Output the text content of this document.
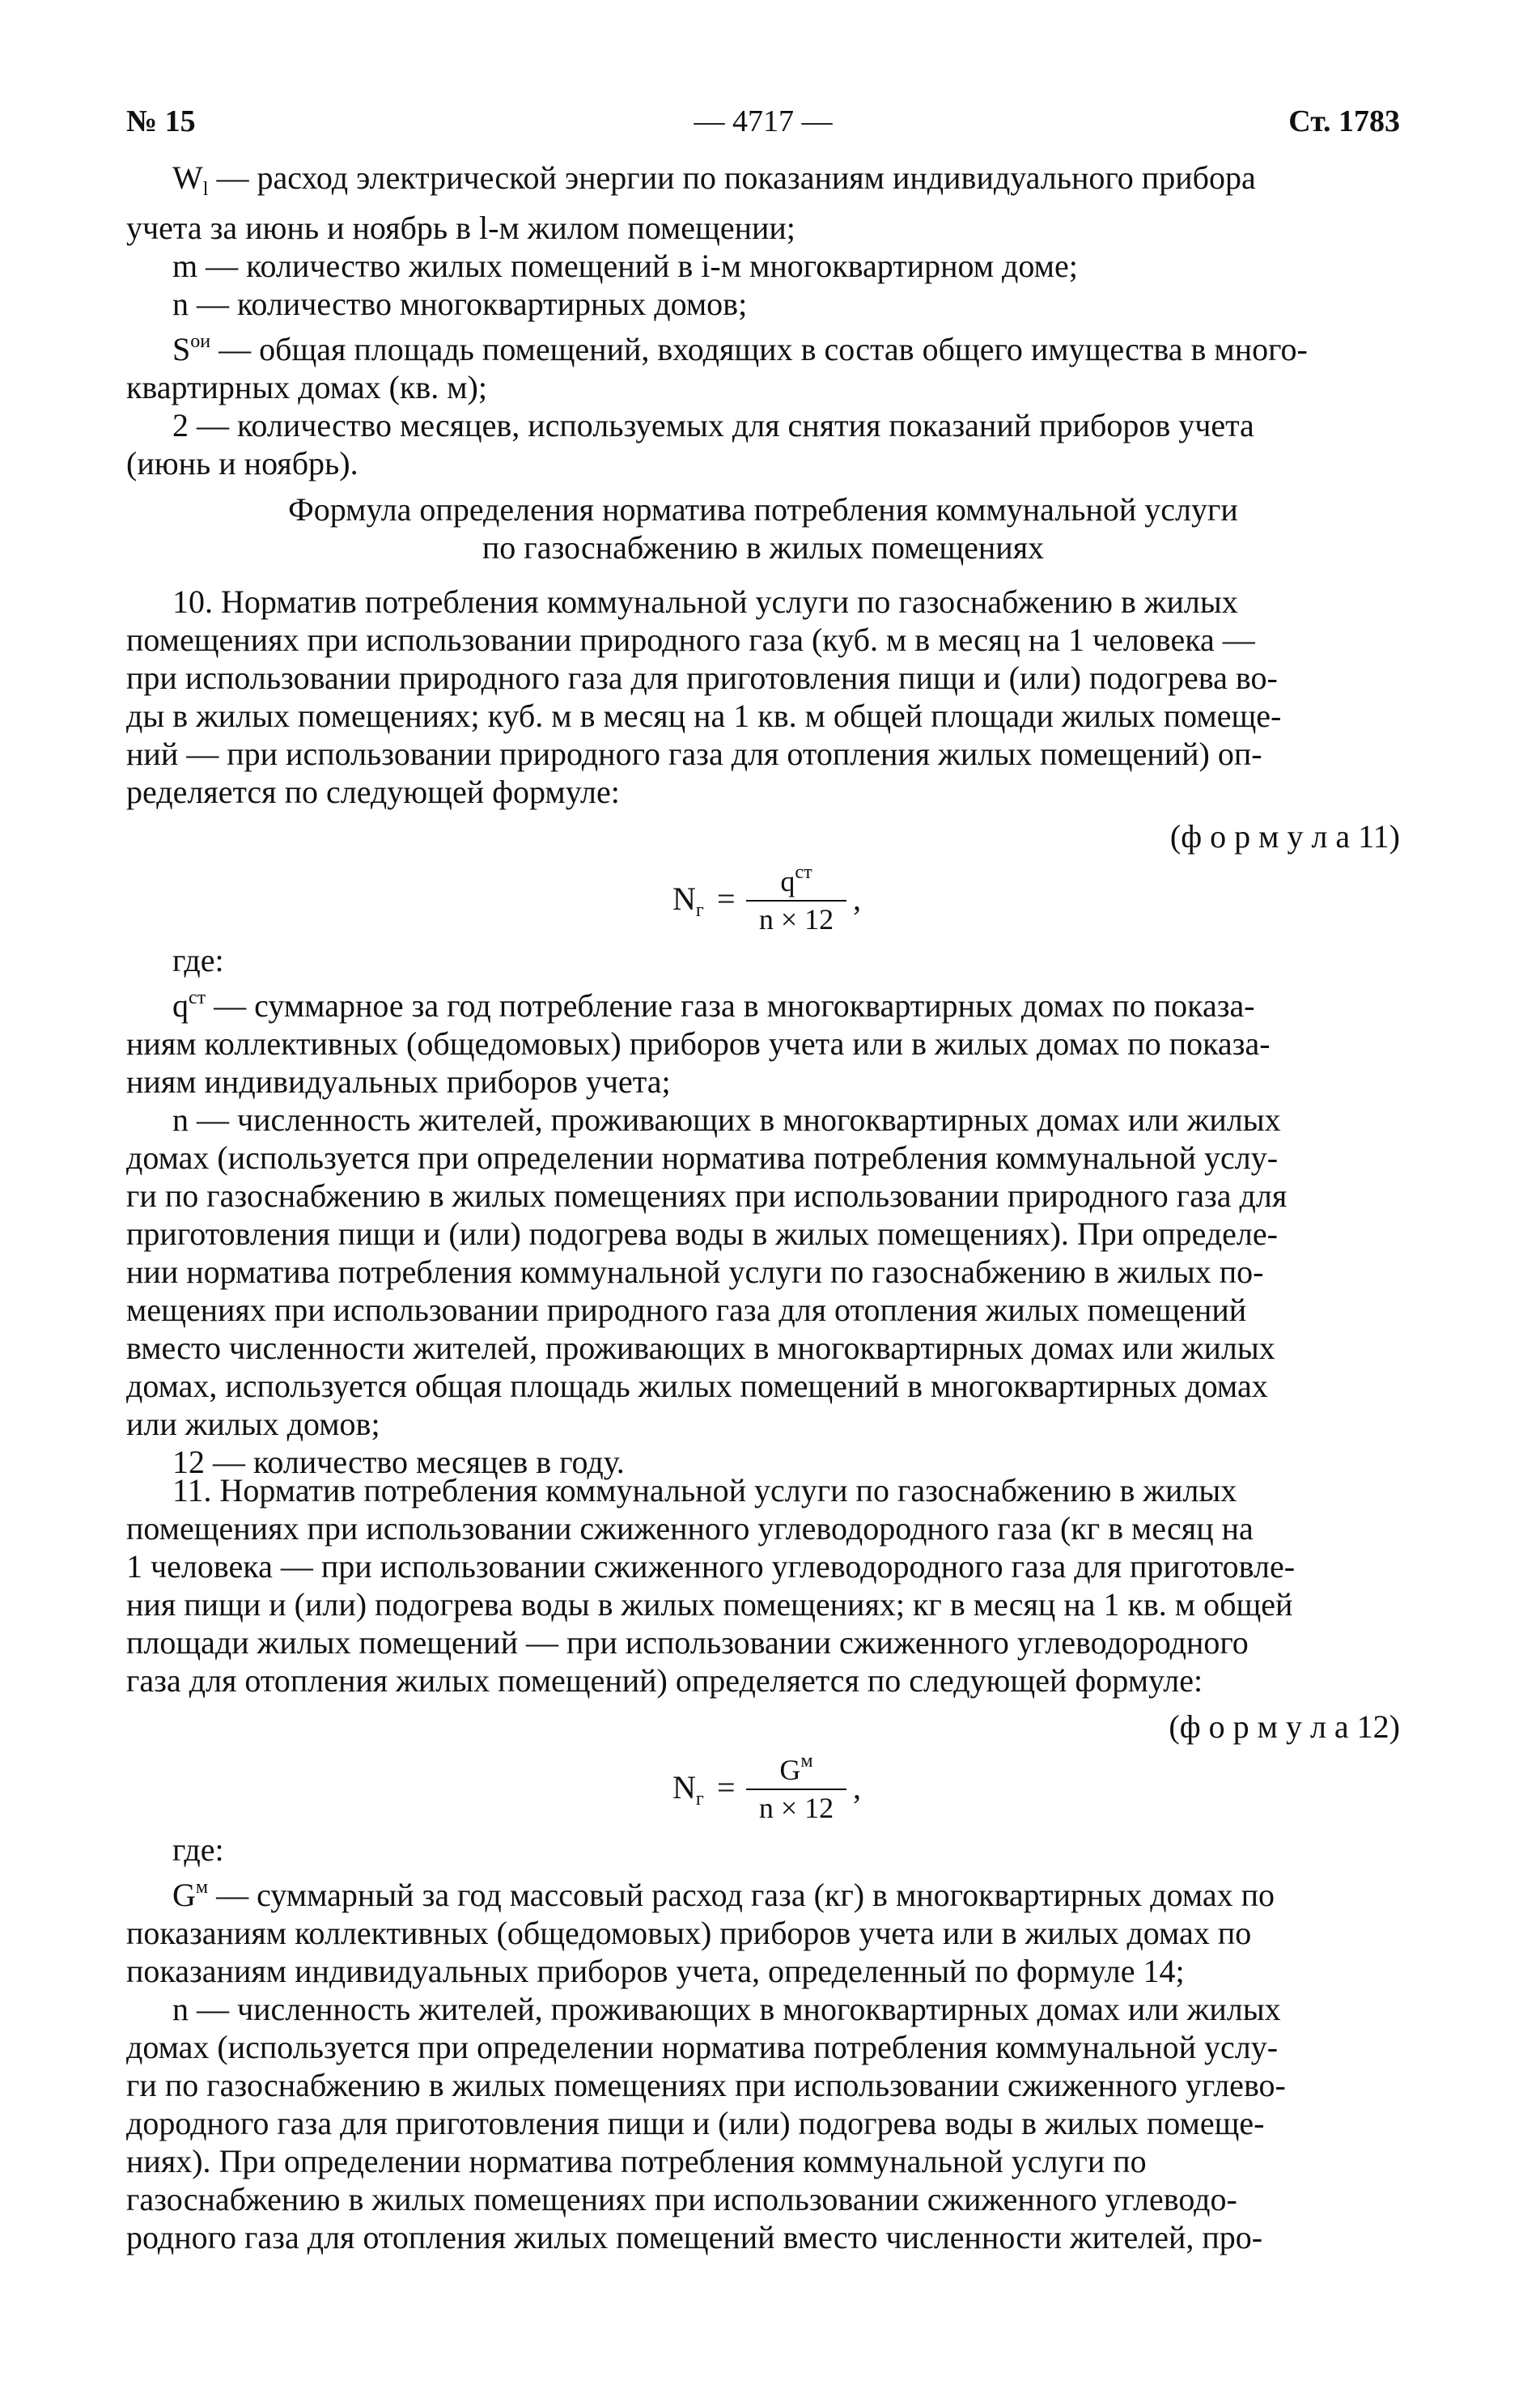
№ 15	— 4717 —	Ст. 1783

$W_l$ — расход электрической энергии по показаниям индивидуального прибора

учета за июнь и ноябрь в l-м жилом помещении;

m — количество жилых помещений в i-м многоквартирном доме;

n — количество многоквартирных домов;

$S^{ои}$ — общая площадь помещений, входящих в состав общего имущества в много-

квартирных домах (кв. м);

2 — количество месяцев, используемых для снятия показаний приборов учета

(июнь и ноябрь).

Формула определения норматива потребления коммунальной услуги

по газоснабжению в жилых помещениях

10. Норматив потребления коммунальной услуги по газоснабжению в жилых

помещениях при использовании природного газа (куб. м в месяц на 1 человека —

при использовании природного газа для приготовления пищи и (или) подогрева во-

ды в жилых помещениях; куб. м в месяц на 1 кв. м общей площади жилых помеще-

ний — при использовании природного газа для отопления жилых помещений) оп-

ределяется по следующей формуле:

(ф о р м у л а 11)

$N_г$ =	$q^{ст}$
n × 12
,

где:

$q^{ст}$ — суммарное за год потребление газа в многоквартирных домах по показа-

ниям коллективных (общедомовых) приборов учета или в жилых домах по показа-

ниям индивидуальных приборов учета;

n — численность жителей, проживающих в многоквартирных домах или жилых

домах (используется при определении норматива потребления коммунальной услу-

ги по газоснабжению в жилых помещениях при использовании природного газа для

приготовления пищи и (или) подогрева воды в жилых помещениях). При определе-

нии норматива потребления коммунальной услуги по газоснабжению в жилых по-

мещениях при использовании природного газа для отопления жилых помещений

вместо численности жителей, проживающих в многоквартирных домах или жилых

домах, используется общая площадь жилых помещений в многоквартирных домах

или жилых домов;

12 — количество месяцев в году.

11. Норматив потребления коммунальной услуги по газоснабжению в жилых

помещениях при использовании сжиженного углеводородного газа (кг в месяц на

1 человека — при использовании сжиженного углеводородного газа для приготовле-

ния пищи и (или) подогрева воды в жилых помещениях; кг в месяц на 1 кв. м общей

площади жилых помещений — при использовании сжиженного углеводородного

газа для отопления жилых помещений) определяется по следующей формуле:

(ф о р м у л а 12)

$N_г$ =	$G^м$
n × 12
,

где:

$G^м$ — суммарный за год массовый расход газа (кг) в многоквартирных домах по

показаниям коллективных (общедомовых) приборов учета или в жилых домах по

показаниям индивидуальных приборов учета, определенный по формуле 14;

n — численность жителей, проживающих в многоквартирных домах или жилых

домах (используется при определении норматива потребления коммунальной услу-

ги по газоснабжению в жилых помещениях при использовании сжиженного углево-

дородного газа для приготовления пищи и (или) подогрева воды в жилых помеще-

ниях). При определении норматива потребления коммунальной услуги по

газоснабжению в жилых помещениях при использовании сжиженного углеводо-

родного газа для отопления жилых помещений вместо численности жителей, про-
